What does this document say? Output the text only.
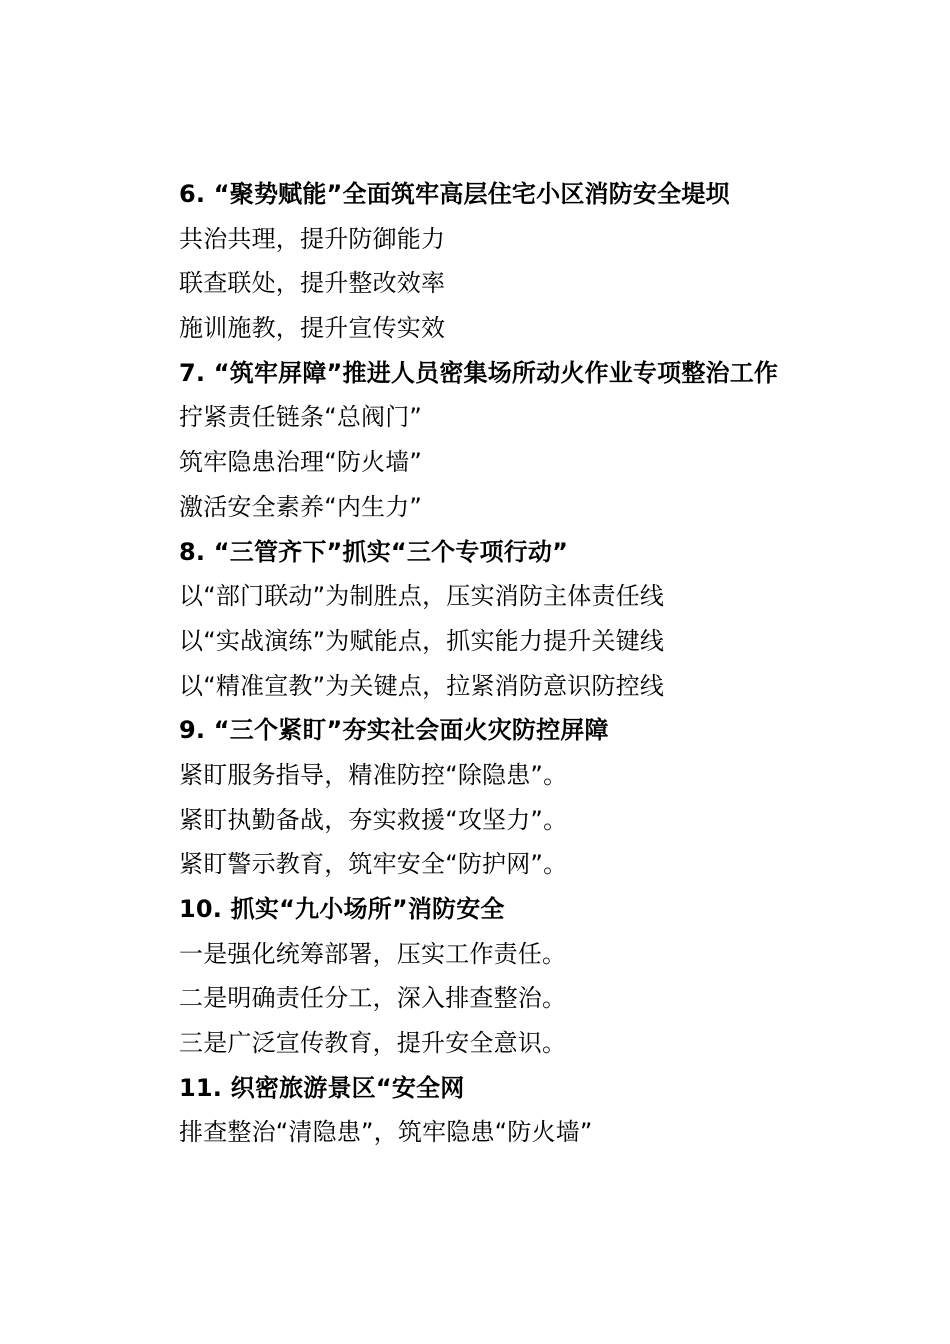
6. “聚势赋能”全面筑牢高层住宅小区消防安全堤坝
共治共理，提升防御能力
联查联处，提升整改效率
施训施教，提升宣传实效
7. “筑牢屏障”推进人员密集场所动火作业专项整治工作
拧紧责任链条“总阀门”
筑牢隐患治理“防火墙”
激活安全素养“内生力”
8. “三管齐下”抓实“三个专项行动”
以“部门联动”为制胜点，压实消防主体责任线
以“实战演练”为赋能点，抓实能力提升关键线
以“精准宣教”为关键点，拉紧消防意识防控线
9. “三个紧盯”夯实社会面火灾防控屏障
紧盯服务指导，精准防控“除隐患”。
紧盯执勤备战，夯实救援“攻坚力”。
紧盯警示教育，筑牢安全“防护网”。
10. 抓实“九小场所”消防安全
一是强化统筹部署，压实工作责任。
二是明确责任分工，深入排查整治。
三是广泛宣传教育，提升安全意识。
11. 织密旅游景区“安全网
排查整治“清隐患”，筑牢隐患“防火墙”
